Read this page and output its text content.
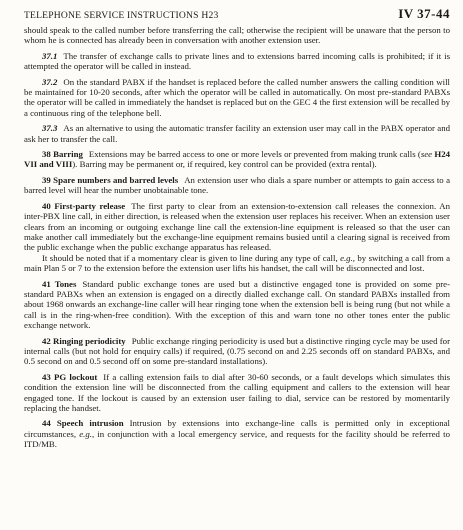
TELEPHONE SERVICE INSTRUCTIONS H23	IV 37-44

should speak to the called number before transferring the call; otherwise the recipient will be unaware that the person to whom he is connected has already been in conversation with another extension user.

37.1 The transfer of exchange calls to private lines and to extensions barred incoming calls is prohibited; if it is attempted the operator will be called in instead.

37.2 On the standard PABX if the handset is replaced before the called number answers the calling condition will be maintained for 10-20 seconds, after which the operator will be called in automatically. On most pre-standard PABXs the operator will be called in immediately the handset is replaced but on the GEC 4 the first extension will be recalled by a continuous ring of the telephone bell.

37.3 As an alternative to using the automatic transfer facility an extension user may call in the PABX operator and ask her to transfer the call.

38 Barring Extensions may be barred access to one or more levels or prevented from making trunk calls (see H24 VII and VIII). Barring may be permanent or, if required, key control can be provided (extra rental).

39 Spare numbers and barred levels An extension user who dials a spare number or attempts to gain access to a barred level will hear the number unobtainable tone.

40 First-party release The first party to clear from an extension-to-extension call releases the connexion. An inter-PBX line call, in either direction, is released when the extension user replaces his receiver. When an extension user clears from an incoming or outgoing exchange line call the extension-line equipment is released so that the user can make another call immediately but the exchange-line equipment remains busied until a clearing signal is received from the public exchange when the public exchange apparatus has released.

It should be noted that if a momentary clear is given to line during any type of call, e.g., by switching a call from a main Plan 5 or 7 to the extension before the extension user lifts his handset, the call will be disconnected and lost.

41 Tones Standard public exchange tones are used but a distinctive engaged tone is provided on some pre-standard PABXs when an extension is engaged on a directly dialled exchange call. On standard PABXs installed from about 1968 onwards an exchange-line caller will hear ringing tone when the extension bell is being rung (but not while a call is in the ring-when-free condition). With the exception of this and warn tone no other tones enter the public exchange network.

42 Ringing periodicity Public exchange ringing periodicity is used but a distinctive ringing cycle may be used for internal calls (but not hold for enquiry calls) if required, (0.75 second on and 2.25 seconds off on standard PABXs, and 0.5 second on and 0.5 second off on some pre-standard installations).

43 PG lockout If a calling extension fails to dial after 30-60 seconds, or a fault develops which simulates this condition the extension line will be disconnected from the calling equipment and callers to the extension will hear engaged tone. If the lockout is caused by an extension user failing to dial, service can be restored by momentarily replacing the handset.

44 Speech intrusion Intrusion by extensions into exchange-line calls is permitted only in exceptional circumstances, e.g., in conjunction with a local emergency service, and requests for the facility should be referred to ITD/MB.
